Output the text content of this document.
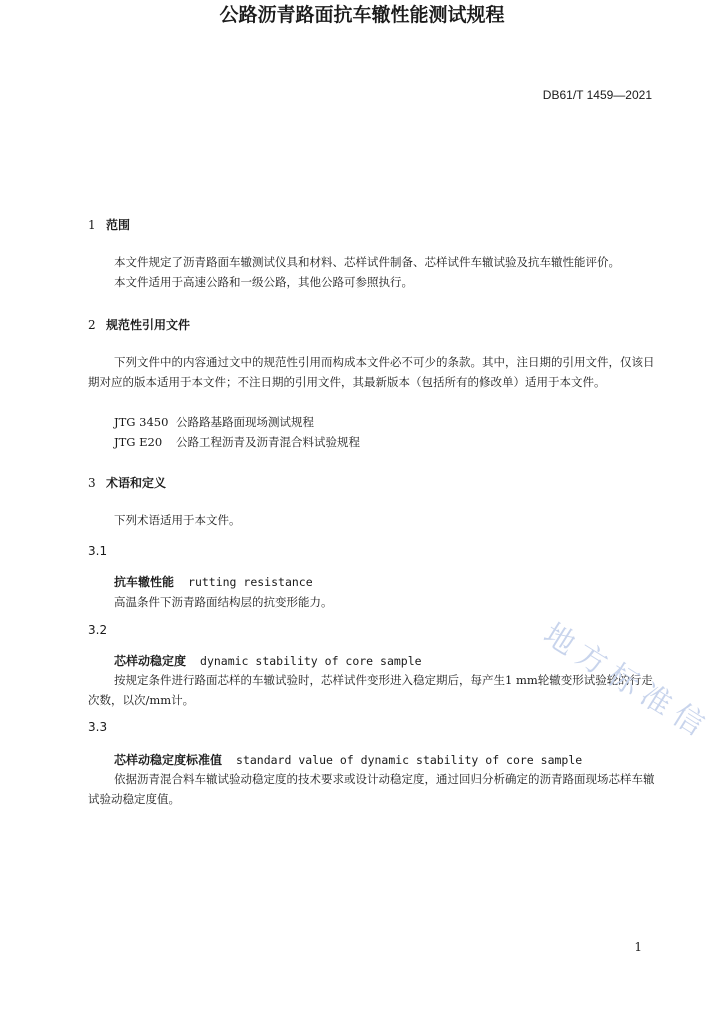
DB61/T 1459—2021
公路沥青路面抗车辙性能测试规程
1 范围
本文件规定了沥青路面车辙测试仪具和材料、芯样试件制备、芯样试件车辙试验及抗车辙性能评价。
本文件适用于高速公路和一级公路，其他公路可参照执行。
2 规范性引用文件
下列文件中的内容通过文中的规范性引用而构成本文件必不可少的条款。其中，注日期的引用文件，仅该日期对应的版本适用于本文件；不注日期的引用文件，其最新版本（包括所有的修改单）适用于本文件。
JTG 3450 公路路基路面现场测试规程
JTG E20 公路工程沥青及沥青混合料试验规程
3 术语和定义
下列术语适用于本文件。
3.1
抗车辙性能 rutting resistance
高温条件下沥青路面结构层的抗变形能力。
3.2
芯样动稳定度 dynamic stability of core sample
按规定条件进行路面芯样的车辙试验时，芯样试件变形进入稳定期后，每产生1 mm轮辙变形试验轮的行走次数，以次/mm计。
3.3
芯样动稳定度标准值 standard value of dynamic stability of core sample
依据沥青混合料车辙试验动稳定度的技术要求或设计动稳定度，通过回归分析确定的沥青路面现场芯样车辙试验动稳定度值。
地方标准信
1
